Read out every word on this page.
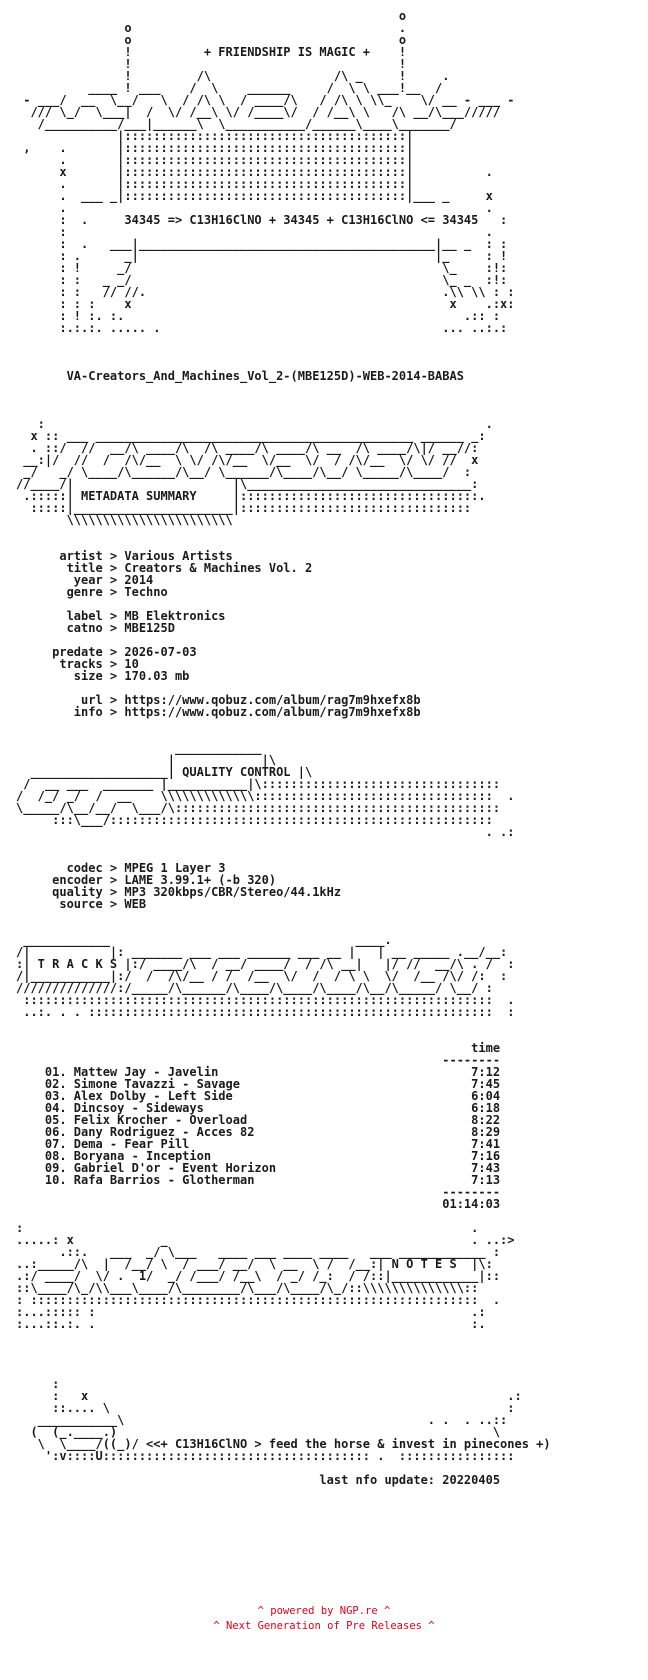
o
o                                     .
o                                     o
!          + FRIENDSHIP IS MAGIC +    !
!                                     !
!         /\                 /\ _     !     .
____ ! ___    /  \    ______     /  \ \ ___!__  /
- ___/  __  \__/   \  / /\ \  / ____/\   / /\ \ \\_    \/ __ - ___ -
/// \_/  \___|  /  \/ /__\ \/ /____\/  / /__\ \   /\ __/\___/////
/__________/___|______\  \___________/______\____\_______/
|:::::::::::::::::::::::::::::::::::::::|
,    .       |:::::::::::::::::::::::::::::::::::::::|
.       |:::::::::::::::::::::::::::::::::::::::|
x       |:::::::::::::::::::::::::::::::::::::::|          .
.       |:::::::::::::::::::::::::::::::::::::::|
.  ___ _|:::::::::::::::::::::::::::::::::::::::|___ _     x
.                                                          .
:  .     34345 => C13H16ClNO + 34345 + C13H16ClNO <= 34345   :
:                                                          .
:  .   ___|_________________________________________|__ _  : :
: .      _|                                         |_     : !
: !     _/                                           \_    :!:
: :   _ _/                                           \_ _  :!:
: :   // //.                                         .\\ \\ : :
: : :    x                                            x    .:x:
: ! :. :.                                               .:: :
:.:.:. ..... .                                       ... ..:.:

VA-Creators_And_Machines_Vol_2-(MBE125D)-WEB-2014-BABAS

:                                                             .
x :: ___ ____________________________________________ ______ _:
. ::/  //  __/\ ____/\  /\ ____/\ ____/\ __  /\ ____/\|/ __//:
__:|/  //  /  /\/__  \ \/ /\/__  \/__  \/  / /\/__  \/ \/ //  x
_/   _/ \____/\______/\__/ \______/\____/\__/ \_____/\____/  :
//____/|                      |\_______________________________:
.:::::| METADATA SUMMARY     |:::::::::::::::::::::::::::::::::.
:::::|______________________|::::::::::::::::::::::::::::::::
\\\\\\\\\\\\\\\\\\\\\\\

artist > Various Artists
title > Creators & Machines Vol. 2
year > 2014
genre > Techno

label > MB Elektronics
catno > MBE125D

predate > 2026-07-03
tracks > 10
size > 170.03 mb

url > https://www.qobuz.com/album/rag7m9hxefx8b
info > https://www.qobuz.com/album/rag7m9hxefx8b

____________
|            |\
___________________| QUALITY CONTROL |\
/  __ ___  _______ |___________|\:::::::::::::::::::::::::::::::::
/  /_/ _/  /  __    \\\\\\\\\\\\\:::::::::::::::::::::::::::::::::  .
\_____/\__/__/  \___/\:::::::::::::::::::::::::::::::::::::::::::::
:::\___/:::::::::::::::::::::::::::::::::::::::::::::::::::::
. .:

codec > MPEG 1 Layer 3
encoder > LAME 3.99.1+ (-b 320)
quality > MP3 320kbps/CBR/Stereo/44.1kHz
source > WEB

____________                                  ____.
/|           |: _______ ___ ___ ______ ___ __ |   | __ _____ .__/__:
:| T R A C K S |:/ ____/\  / __/ ____/  / /\ __|   |/ //  __/\ . /  :
/|___________|:/  /  /\/__ / /  /__  \/  /  / \ \  \/  /__ /\/ /:  :
//////////////:/_____/\______/\____/\____/\____/\__/\_____/ \__/ :
:::::::::::::::::::::::::::::::::::::::::::::::::::::::::::::::::  .
..:. . . ::::::::::::::::::::::::::::::::::::::::::::::::::::::::  :

time
--------
01. Mattew Jay - Javelin                                   7:12
02. Simone Tavazzi - Savage                                7:45
03. Alex Dolby - Left Side                                 6:04
04. Dincsoy - Sideways                                     6:18
05. Felix Krocher - Overload                               8:22
06. Dany Rodriguez - Acces 82                              8:29
07. Dema - Fear Pill                                       7:41
08. Boryana - Inception                                    7:16
09. Gabriel D'or - Event Horizon                           7:43
10. Rafa Barrios - Glotherman                              7:13
--------
01:14:03

:                                                              .
.....: x            _                                          . ..:>
.::.   ___  _/ \___   ____ ___ ____ ____   ___ ____________ :
..:_____/\  |  /__/ \  / ___/ __/  \ __  \ /  /__:| N O T E S  |\:
.:/ ____/  \/ .  1/  _/ /___/ /__\  / _/ /_:  / /::|____________|::
::\____/\_/\\___\____/\________/\___/\____/\_/::\\\\\\\\\\\\\\::
: ::::::::::::::::::::::::::::::::::::::::::::::::::::::::::::::  .
:...::::: :                                                    .:
:...::.:. .                                                    :.

:
:   x                                                          .:
::.... \                                                       :
___________\                                          . .  . ..::
(  (_.____.)                                                    \
\  \____/((_)/ <<+ C13H16ClNO > feed the horse & invest in pinecones +)
':v::::U::::::::::::::::::::::::::::::::::::: .  ::::::::::::::::

last nfo update: 20220405
^ powered by NGP.re ^
^ Next Generation of Pre Releases ^
